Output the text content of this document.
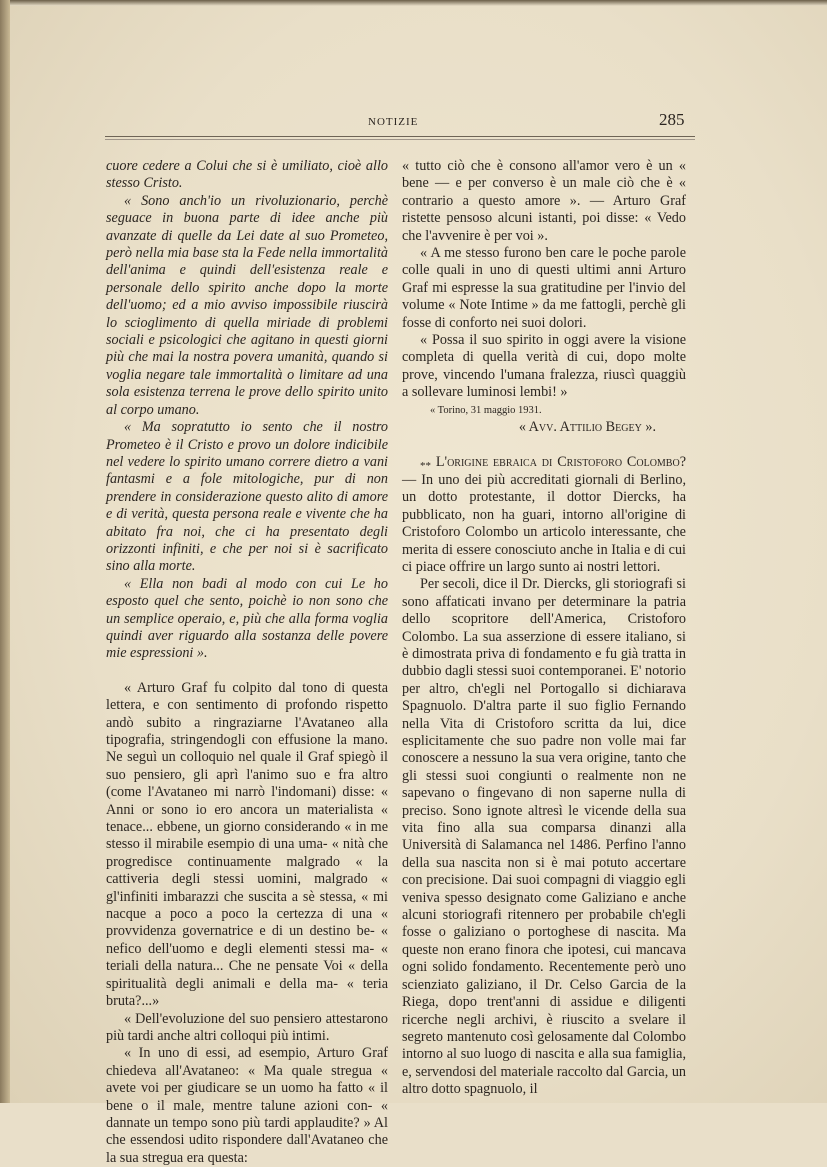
NOTIZIE	285

cuore cedere a Colui che si è umiliato, cioè allo stesso Cristo.

« Sono anch'io un rivoluzionario, perchè seguace in buona parte di idee anche più avanzate di quelle da Lei date al suo Prometeo, però nella mia base sta la Fede nella immortalità dell'anima e quindi dell'esistenza reale e personale dello spirito anche dopo la morte dell'uomo; ed a mio avviso impossibile riuscirà lo scioglimento di quella miriade di problemi sociali e psicologici che agitano in questi giorni più che mai la nostra povera umanità, quando si voglia negare tale immortalità o limitare ad una sola esistenza terrena le prove dello spirito unito al corpo umano.

« Ma sopratutto io sento che il nostro Prometeo è il Cristo e provo un dolore indicibile nel vedere lo spirito umano correre dietro a vani fantasmi e a fole mitologiche, pur di non prendere in considerazione questo alito di amore e di verità, questa persona reale e vivente che ha abitato fra noi, che ci ha presentato degli orizzonti infiniti, e che per noi si è sacrificato sino alla morte.

« Ella non badi al modo con cui Le ho esposto quel che sento, poichè io non sono che un semplice operaio, e, più che alla forma voglia quindi aver riguardo alla sostanza delle povere mie espressioni ».

« Arturo Graf fu colpito dal tono di questa lettera, e con sentimento di profondo rispetto andò subito a ringraziarne l'Avataneo alla tipografia, stringendogli con effusione la mano. Ne seguì un colloquio nel quale il Graf spiegò il suo pensiero, gli aprì l'animo suo e fra altro (come l'Avataneo mi narrò l'indomani) disse: « Anni or sono io ero ancora un materialista « tenace... ebbene, un giorno considerando « in me stesso il mirabile esempio di una uma- « nità che progredisce continuamente malgrado « la cattiveria degli stessi uomini, malgrado « gl'infiniti imbarazzi che suscita a sè stessa, « mi nacque a poco a poco la certezza di una « provvidenza governatrice e di un destino be- « nefico dell'uomo e degli elementi stessi ma- « teriali della natura... Che ne pensate Voi « della spiritualità degli animali e della ma- « teria bruta?...»

« Dell'evoluzione del suo pensiero attestarono più tardi anche altri colloqui più intimi.

« In uno di essi, ad esempio, Arturo Graf chiedeva all'Avataneo: « Ma quale stregua « avete voi per giudicare se un uomo ha fatto « il bene o il male, mentre talune azioni con- « dannate un tempo sono più tardi applaudite? » Al che essendosi udito rispondere dall'Avataneo che la sua stregua era questa:

« tutto ciò che è consono all'amor vero è un « bene — e per converso è un male ciò che è « contrario a questo amore ». — Arturo Graf ristette pensoso alcuni istanti, poi disse: « Vedo che l'avvenire è per voi ».

« A me stesso furono ben care le poche parole colle quali in uno di questi ultimi anni Arturo Graf mi espresse la sua gratitudine per l'invio del volume « Note Intime » da me fattogli, perchè gli fosse di conforto nei suoi dolori.

« Possa il suo spirito in oggi avere la visione completa di quella verità di cui, dopo molte prove, vincendo l'umana fralezza, riuscì quaggiù a sollevare luminosi lembi! »

« Torino, 31 maggio 1931.

« Avv. Attilio Begey ».

$_{**}$ L'origine ebraica di Cristoforo Colombo? — In uno dei più accreditati giornali di Berlino, un dotto protestante, il dottor Diercks, ha pubblicato, non ha guari, intorno all'origine di Cristoforo Colombo un articolo interessante, che merita di essere conosciuto anche in Italia e di cui ci piace offrire un largo sunto ai nostri lettori.

Per secoli, dice il Dr. Diercks, gli storiografi si sono affaticati invano per determinare la patria dello scopritore dell'America, Cristoforo Colombo. La sua asserzione di essere italiano, si è dimostrata priva di fondamento e fu già tratta in dubbio dagli stessi suoi contemporanei. E' notorio per altro, ch'egli nel Portogallo si dichiarava Spagnuolo. D'altra parte il suo figlio Fernando nella Vita di Cristoforo scritta da lui, dice esplicitamente che suo padre non volle mai far conoscere a nessuno la sua vera origine, tanto che gli stessi suoi congiunti o realmente non ne sapevano o fingevano di non saperne nulla di preciso. Sono ignote altresì le vicende della sua vita fino alla sua comparsa dinanzi alla Università di Salamanca nel 1486. Perfino l'anno della sua nascita non si è mai potuto accertare con precisione. Dai suoi compagni di viaggio egli veniva spesso designato come Galiziano e anche alcuni storiografi ritennero per probabile ch'egli fosse o galiziano o portoghese di nascita. Ma queste non erano finora che ipotesi, cui mancava ogni solido fondamento. Recentemente però uno scienziato galiziano, il Dr. Celso Garcia de la Riega, dopo trent'anni di assidue e diligenti ricerche negli archivi, è riuscito a svelare il segreto mantenuto così gelosamente dal Colombo intorno al suo luogo di nascita e alla sua famiglia, e, servendosi del materiale raccolto dal Garcia, un altro dotto spagnuolo, il
